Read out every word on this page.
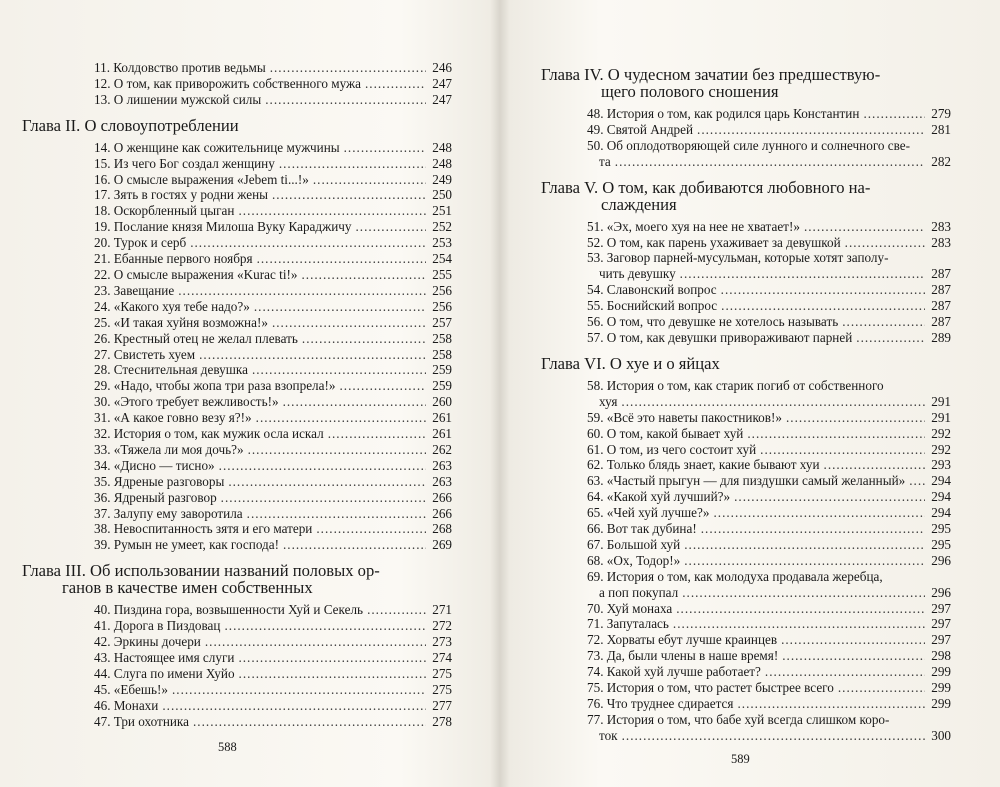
11. Колдовство против ведьмы .....	246
12. О том, как приворожить собственного мужа .....	247
13. О лишении мужской силы .....	247
Глава II. О словоупотреблении
14. О женщине как сожительнице мужчины .....	248
15. Из чего Бог создал женщину .....	248
16. О смысле выражения «Jebem ti...!» .....	249
17. Зять в гостях у родни жены .....	250
18. Оскорбленный цыган .....	251
19. Послание князя Милоша Вуку Караджичу .....	252
20. Турок и серб .....	253
21. Ебанные первого ноября .....	254
22. О смысле выражения «Kurac ti!» .....	255
23. Завещание .....	256
24. «Какого хуя тебе надо?» .....	256
25. «И такая хуйня возможна!» .....	257
26. Крестный отец не желал плевать .....	258
27. Свистеть хуем .....	258
28. Стеснительная девушка .....	259
29. «Надо, чтобы жопа три раза взопрела!» .....	259
30. «Этого требует вежливость!» .....	260
31. «А какое говно везу я?!» .....	261
32. История о том, как мужик осла искал .....	261
33. «Тяжела ли моя дочь?» .....	262
34. «Дисно — тисно» .....	263
35. Ядреные разговоры .....	263
36. Ядреный разговор .....	266
37. Залупу ему заворотила .....	266
38. Невоспитанность зятя и его матери .....	268
39. Румын не умеет, как господа! .....	269
Глава III. Об использовании названий половых ор-
ганов в качестве имен собственных
40. Пиздина гора, возвышенности Хуй и Секель .....	271
41. Дорога в Пиздовац .....	272
42. Эркины дочери .....	273
43. Настоящее имя слуги .....	274
44. Слуга по имени Хуйо .....	275
45. «Ебешь!» .....	275
46. Монахи .....	277
47. Три охотника .....	278
588
Глава IV. О чудесном зачатии без предшествую-
щего полового сношения
48. История о том, как родился царь Константин .....	279
49. Святой Андрей .....	281
50. Об оплодотворяющей силе лунного и солнечного све-
та .....	282
Глава V. О том, как добиваются любовного на-
слаждения
51. «Эх, моего хуя на нее не хватает!» .....	283
52. О том, как парень ухаживает за девушкой .....	283
53. Заговор парней-мусульман, которые хотят заполу-
чить девушку .....	287
54. Славонский вопрос .....	287
55. Боснийский вопрос .....	287
56. О том, что девушке не хотелось называть .....	287
57. О том, как девушки привораживают парней .....	289
Глава VI. О хуе и о яйцах
58. История о том, как старик погиб от собственного
хуя .....	291
59. «Всё это наветы пакостников!» .....	291
60. О том, какой бывает хуй .....	292
61. О том, из чего состоит хуй .....	292
62. Только блядь знает, какие бывают хуи .....	293
63. «Частый прыгун — для пиздушки самый желанный» ..... 294
64. «Какой хуй лучший?» .....	294
65. «Чей хуй лучше?» .....	294
66. Вот так дубина! .....	295
67. Большой хуй .....	295
68. «Ох, Тодор!» .....	296
69. История о том, как молодуха продавала жеребца,
а поп покупал .....	296
70. Хуй монаха .....	297
71. Запуталась .....	297
72. Хорваты ебут лучше краинцев .....	297
73. Да, были члены в наше время! .....	298
74. Какой хуй лучше работает? .....	299
75. История о том, что растет быстрее всего .....	299
76. Что труднее сдирается .....	299
77. История о том, что бабе хуй всегда слишком коро-
ток .....	300
589
